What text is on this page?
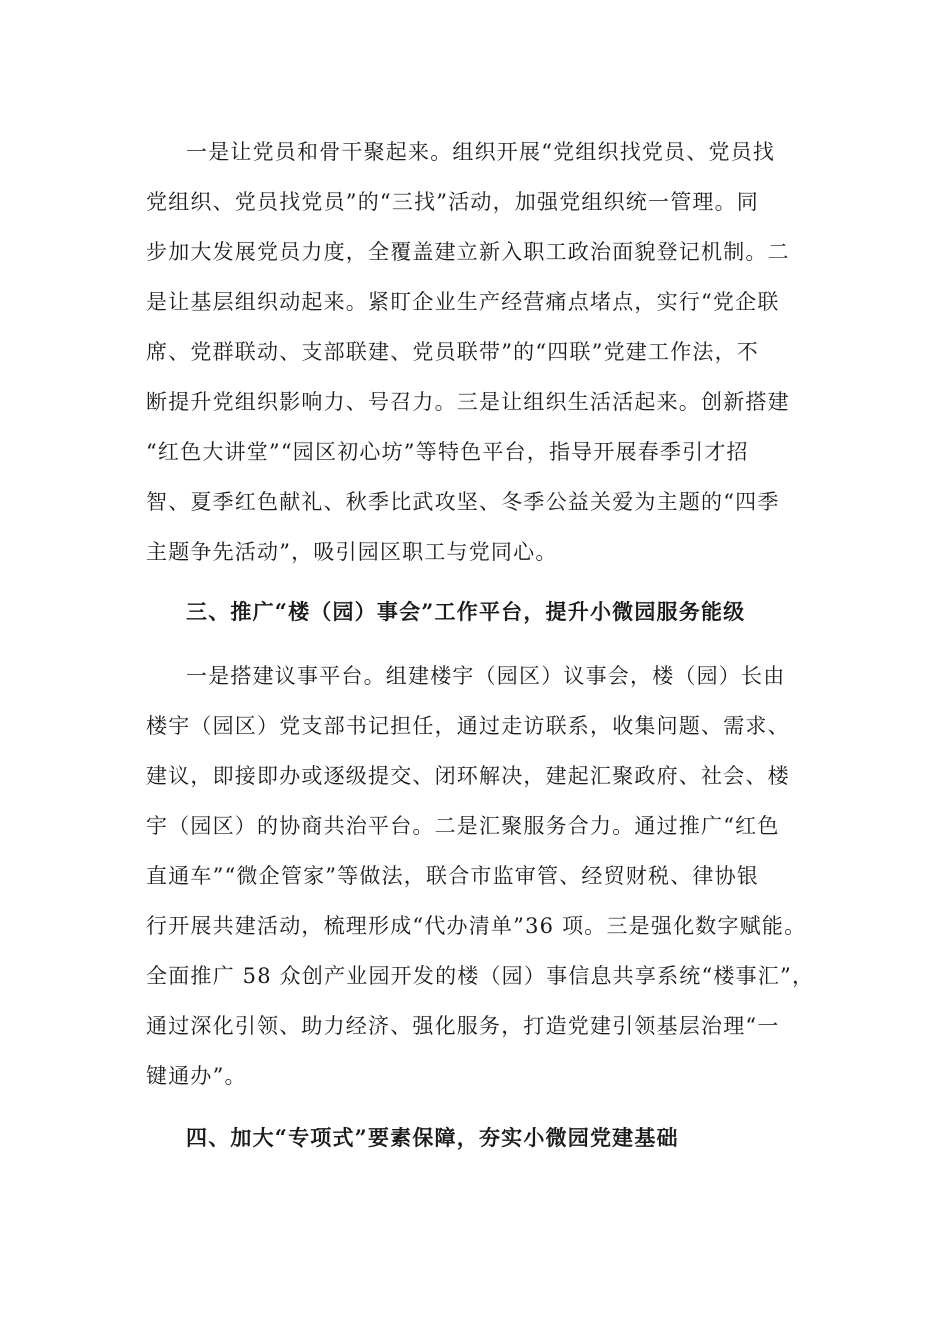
一是让党员和骨干聚起来。组织开展“党组织找党员、党员找
党组织、党员找党员”的“三找”活动，加强党组织统一管理。同
步加大发展党员力度，全覆盖建立新入职工政治面貌登记机制。二
是让基层组织动起来。紧盯企业生产经营痛点堵点，实行“党企联
席、党群联动、支部联建、党员联带”的“四联”党建工作法，不
断提升党组织影响力、号召力。三是让组织生活活起来。创新搭建
“红色大讲堂”“园区初心坊”等特色平台，指导开展春季引才招
智、夏季红色献礼、秋季比武攻坚、冬季公益关爱为主题的“四季
主题争先活动”，吸引园区职工与党同心。
三、推广“楼（园）事会”工作平台，提升小微园服务能级
一是搭建议事平台。组建楼宇（园区）议事会，楼（园）长由
楼宇（园区）党支部书记担任，通过走访联系，收集问题、需求、
建议，即接即办或逐级提交、闭环解决，建起汇聚政府、社会、楼
宇（园区）的协商共治平台。二是汇聚服务合力。通过推广“红色
直通车”“微企管家”等做法，联合市监审管、经贸财税、律协银
行开展共建活动，梳理形成“代办清单”36 项。三是强化数字赋能。
全面推广 58 众创产业园开发的楼（园）事信息共享系统“楼事汇”，
通过深化引领、助力经济、强化服务，打造党建引领基层治理“一
键通办”。
四、加大“专项式”要素保障，夯实小微园党建基础
